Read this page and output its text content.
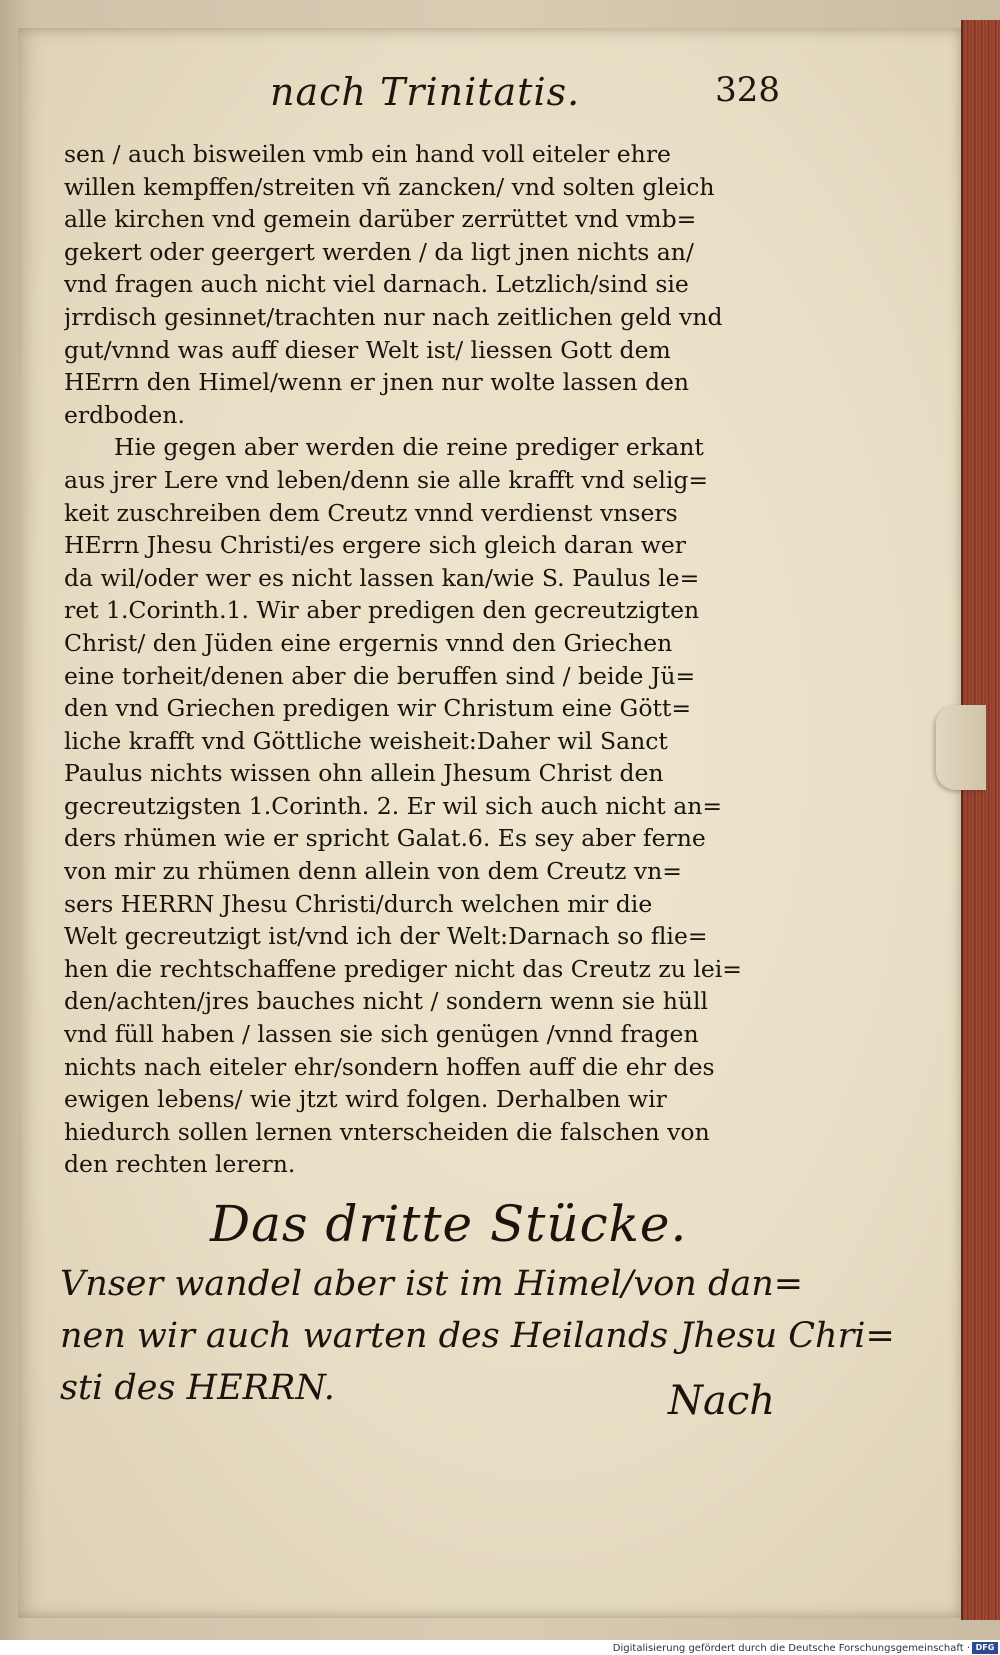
nach Trinitatis.	328
sen / auch bisweilen vmb ein hand voll eiteler ehre
willen kempffen/streiten vñ zancken/ vnd solten gleich
alle kirchen vnd gemein darüber zerrüttet vnd vmb=
gekert oder geergert werden / da ligt jnen nichts an/
vnd fragen auch nicht viel darnach. Letzlich/sind sie
jrrdisch gesinnet/trachten nur nach zeitlichen geld vnd
gut/vnnd was auff dieser Welt ist/ liessen Gott dem
HErrn den Himel/wenn er jnen nur wolte lassen den
erdboden.
Hie gegen aber werden die reine prediger erkant
aus jrer Lere vnd leben/denn sie alle krafft vnd selig=
keit zuschreiben dem Creutz vnnd verdienst vnsers
HErrn Jhesu Christi/es ergere sich gleich daran wer
da wil/oder wer es nicht lassen kan/wie S. Paulus le=
ret 1.Corinth.1. Wir aber predigen den gecreutzigten
Christ/ den Jüden eine ergernis vnnd den Griechen
eine torheit/denen aber die beruffen sind / beide Jü=
den vnd Griechen predigen wir Christum eine Gött=
liche krafft vnd Göttliche weisheit:Daher wil Sanct
Paulus nichts wissen ohn allein Jhesum Christ den
gecreutzigsten 1.Corinth. 2. Er wil sich auch nicht an=
ders rhümen wie er spricht Galat.6. Es sey aber ferne
von mir zu rhümen denn allein von dem Creutz vn=
sers HERRN Jhesu Christi/durch welchen mir die
Welt gecreutzigt ist/vnd ich der Welt:Darnach so flie=
hen die rechtschaffene prediger nicht das Creutz zu lei=
den/achten/jres bauches nicht / sondern wenn sie hüll
vnd füll haben / lassen sie sich genügen /vnnd fragen
nichts nach eiteler ehr/sondern hoffen auff die ehr des
ewigen lebens/ wie jtzt wird folgen. Derhalben wir
hiedurch sollen lernen vnterscheiden die falschen von
den rechten lerern.
Das dritte Stücke.
Vnser wandel aber ist im Himel/von dan=
nen wir auch warten des Heilands Jhesu Chri=
sti des HERRN.	Nach
Digitalisierung gefördert durch die Deutsche Forschungsgemeinschaft · DFG
